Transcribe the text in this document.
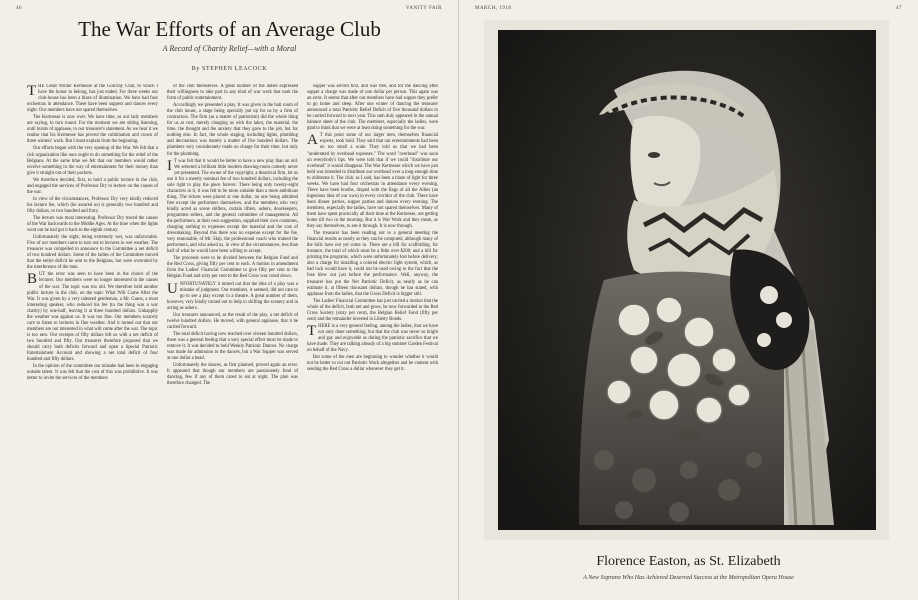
46	VANITY FAIR
The War Efforts of an Average Club
A Record of Charity Relief—with a Moral
By STEPHEN LEACOCK

THE Great Winter Kermesse at the Golcony Club, to which I have the honor to belong, has just ended. For three weeks our club-house has been a blaze of illumination. We have had four orchestras in attendance. There have been suppers and dances every night. Our members have not spared themselves.

The Kermesse is now over. We have time, as our lady members are saying, to turn round. For the moment we are sitting listening, until bursts of applause, to our treasurer's statement. As we hear it we realize that his Kermesse has proved the culmination and crown of three winters' work. But I must explain from the beginning.

Our efforts began with the very opening of the War. We felt that a rich organization like ours ought to do something for the relief of the Belgians. At the same time we felt that our members would rather receive something in the way of entertainment for their money than give it straight out of their pockets.

We therefore decided, first, to hold a public lecture in the club, and engaged the services of Professor Dry to lecture on the causes of the war.

In view of the circumstances, Professor Dry very kindly reduced his lecture fee, which (he assured us) is generally two hundred and fifty dollars, to two hundred and forty.

The lecture was most interesting. Professor Dry traced the causes of the War backwards to the Middle Ages. At the time when the lights went out he had got it back to the eighth century.

Unfortunately the night, being extremely wet, was unfavorable. Five of our members came to turn out to lectures in wet weather. The treasurer was compelled to announce to the Committee a net deficit of two hundred dollars. Some of the ladies of the Committee moved that the entire deficit be sent to the Belgians, but were overruled by the interference of the men.

BUT the error was seen to have been in the choice of the lecturer. Our members were no longer interested in the causes of the war. The topic was too old. We therefore held another public lecture in the club, on the topic What Will Come After the War. It was given by a very talented gentleman, a Mr. Guess, a most interesting speaker, who reduced his fee (to the thing was a war charity) by one-half, leaving it at three hundred dollars. Unhappily the weather was against us. It was too fine. Our members scarcely care to listen to lectures in fine weather. And it turned out that our members are not interested in what will come after the war. The topic is too new. Our receipts of fifty dollars left us with a net deficit of two hundred and fifty. Our treasurer therefore proposed that we should carry both deficits forward and open a Special Patriotic Entertainment Account and showing a net total deficit of four hundred and fifty dollars.

In the opinion of the committee our mistake had been in engaging outside talent. It was felt that the cost of this was prohibitive. It was better to invite the services of the members

of the club themselves. A great number of the ladies expressed their willingness to take part in any kind of war work that took the form of public entertainment.

Accordingly we presented a play. It was given in the ball room of the club house, a stage being specially put up for us by a firm of contractors. The firm (as a matter of patriotism) did the whole thing for us at cost, merely charging us with the labor, the material, the time, the thought and the anxiety that they gave to the job, but for nothing else. In fact, the whole staging, including lights, plumbing and decorations was merely a matter of five hundred dollars. The plumbers very considerately made no charge for their time, but only for the plumbing.

IT was felt that it would be better to have a new play than an old. We selected a brilliant little modern drawing-room comedy never yet presented. The owner of the copyright, a theatrical firm, let us use it for a merely nominal fee of two hundred dollars, including the sole right to play the piece forever. There being only twenty-eight characters in it, it was felt to be more suitable than a more ambitious thing. The tickets were placed at one dollar, no one being admitted free except the performers themselves, and the members who very kindly acted as scene shifters, curtain lifters, ushers, doorkeepers, programme sellers, and the general committee of management. All the performers, at their own suggestion, supplied their own costumes, charging nothing to expenses except the material and the cost of dressmaking. Beyond this there was no expense except for the fee, very reasonable, of Mr. Skip, the professional coach who trained the performers, and who asked us, in view of the circumstances, less than half of what he would have been willing to accept.

The proceeds were to be divided between the Belgian Fund and the Red Cross, giving fifty per cent to each. A motion in amendment from the Ladies' Financial Committee to give fifty per cent to the Belgian Fund and sixty per cent to the Red Cross was voted down.

UNFORTUNATELY it turned out that the idea of a play was a mistake of judgment. Our members, it seemed, did not care to go to see a play except in a theatre. A great number of them, however, very kindly turned out to help in shifting the scenery and in acting as ushers.

Our treasurer announced, as the result of the play, a net deficit of twelve hundred dollars. He moved, with general applause, that it be carried forward.

The total deficit having now reached over sixteen hundred dollars, there was a general feeling that a very special effort must be made to remove it. It was decided to hold Weekly Patriotic Dances. No charge was made for admission to the dances, but a War Supper was served at one dollar a head.

Unfortunately the dances, as first planned, proved again an error. It appeared that though our members are passionately fond of dancing, few if any of them cared to eat at night. The plan was therefore changed. The

supper was served first, and was free, and for the dancing after supper a charge was made of one dollar per person. This again was an error. It seems that after our members have had supper they prefer to go home and sleep. After one winter of dancing the treasurer announced a total Patriotic Relief Deficit of five thousand dollars to be carried forward to next year. This sum duly appeared in the annual balance sheet of the club. The members, especially the ladies, were glad to think that we were at least doing something for the war.

AT this point some of our larger men, themselves financial experts, took hold. They said that our entertainments had been on too small a scale. They told us that we had been "underrated by overhead expenses." The word "overhead" was soon on everybody's lips. We were told that if we could "distribute our overhead" it would disappear. The War Kermesse which we have just held was intended to distribute our overhead over a long enough time to obliterate it. The club, as I said, has been a blaze of light for three weeks. We have had four orchestras in attendance every evening. There have been booths, draped with the flags of all the Allies (an ingenious idea of our own) in every corridor of the club. There have been dinner parties, supper parties and dances every evening. The members, especially the ladies, have not spared themselves. Many of them have spent practically all their time at the Kermesse, not getting home till two in the morning. But it is War Work and they mean, as they say themselves, to see it through. It is now through.

The treasurer has been reading out to a general meeting the financial results as nearly as they can be computed, although many of the bills have not yet come in. There are a bill for scaffolding, for instance, the total of which must be a little over $200; and a bill for printing the programs, which were unfortunately lost before delivery; also a charge for installing a colored electric light system, which, as bad luck would have it, could not be used owing to the fact that the fuse blew out just before the performance. Well, anyway, the treasurer has put the Net Patriotic Deficit, as nearly as he can estimate it, at fifteen thousand dollars, though he has stated, with applause from the ladies, that the Gross Deficit is bigger still.

The Ladies' Financial Committee has just carried a motion that the whole of the deficit, both net and gross, be now forwarded to the Red Cross Society (sixty per cent), the Belgian Relief Fund (fifty per cent) and the remainder invested in Liberty Bonds.

THERE is a very general feeling, among the ladies, that we have not only done something, but that the club was never so bright and gay and enjoyable as during the patriotic sacrifice that we have made. They are talking already of a big summer Garden Festival on behalf of the Navy.

But some of the men are beginning to wonder whether it would not be better to cut out Patriotic Work altogether and be content with sending the Red Cross a dollar whenever they get it.

MARCH, 1918	47
Florence Easton, as St. Elizabeth
A New Soprano Who Has Achieved Deserved Success at the Metropolitan Opera House
